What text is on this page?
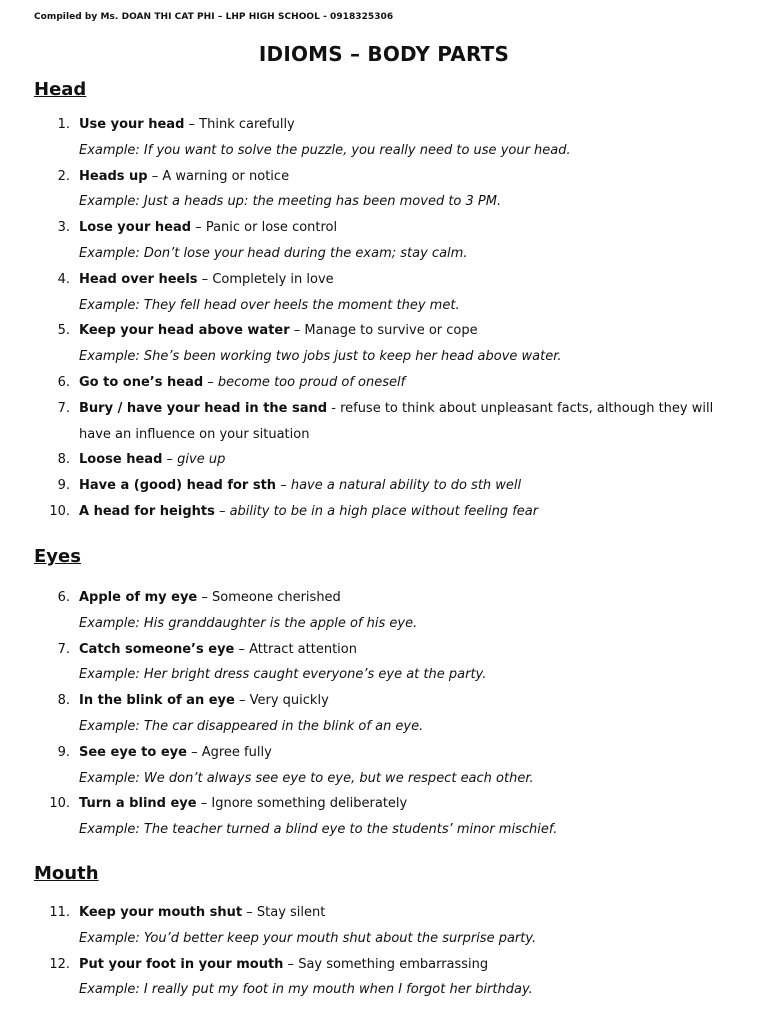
Compiled by Ms. DOAN THI CAT PHI – LHP HIGH SCHOOL - 0918325306
IDIOMS – BODY PARTS
Head
1. Use your head – Think carefully
Example: If you want to solve the puzzle, you really need to use your head.
2. Heads up – A warning or notice
Example: Just a heads up: the meeting has been moved to 3 PM.
3. Lose your head – Panic or lose control
Example: Don’t lose your head during the exam; stay calm.
4. Head over heels – Completely in love
Example: They fell head over heels the moment they met.
5. Keep your head above water – Manage to survive or cope
Example: She’s been working two jobs just to keep her head above water.
6. Go to one’s head – become too proud of oneself
7. Bury / have your head in the sand - refuse to think about unpleasant facts, although they will have an influence on your situation
8. Loose head – give up
9. Have a (good) head for sth – have a natural ability to do sth well
10. A head for heights – ability to be in a high place without feeling fear
Eyes
6. Apple of my eye – Someone cherished
Example: His granddaughter is the apple of his eye.
7. Catch someone’s eye – Attract attention
Example: Her bright dress caught everyone’s eye at the party.
8. In the blink of an eye – Very quickly
Example: The car disappeared in the blink of an eye.
9. See eye to eye – Agree fully
Example: We don’t always see eye to eye, but we respect each other.
10. Turn a blind eye – Ignore something deliberately
Example: The teacher turned a blind eye to the students’ minor mischief.
Mouth
11. Keep your mouth shut – Stay silent
Example: You’d better keep your mouth shut about the surprise party.
12. Put your foot in your mouth – Say something embarrassing
Example: I really put my foot in my mouth when I forgot her birthday.
